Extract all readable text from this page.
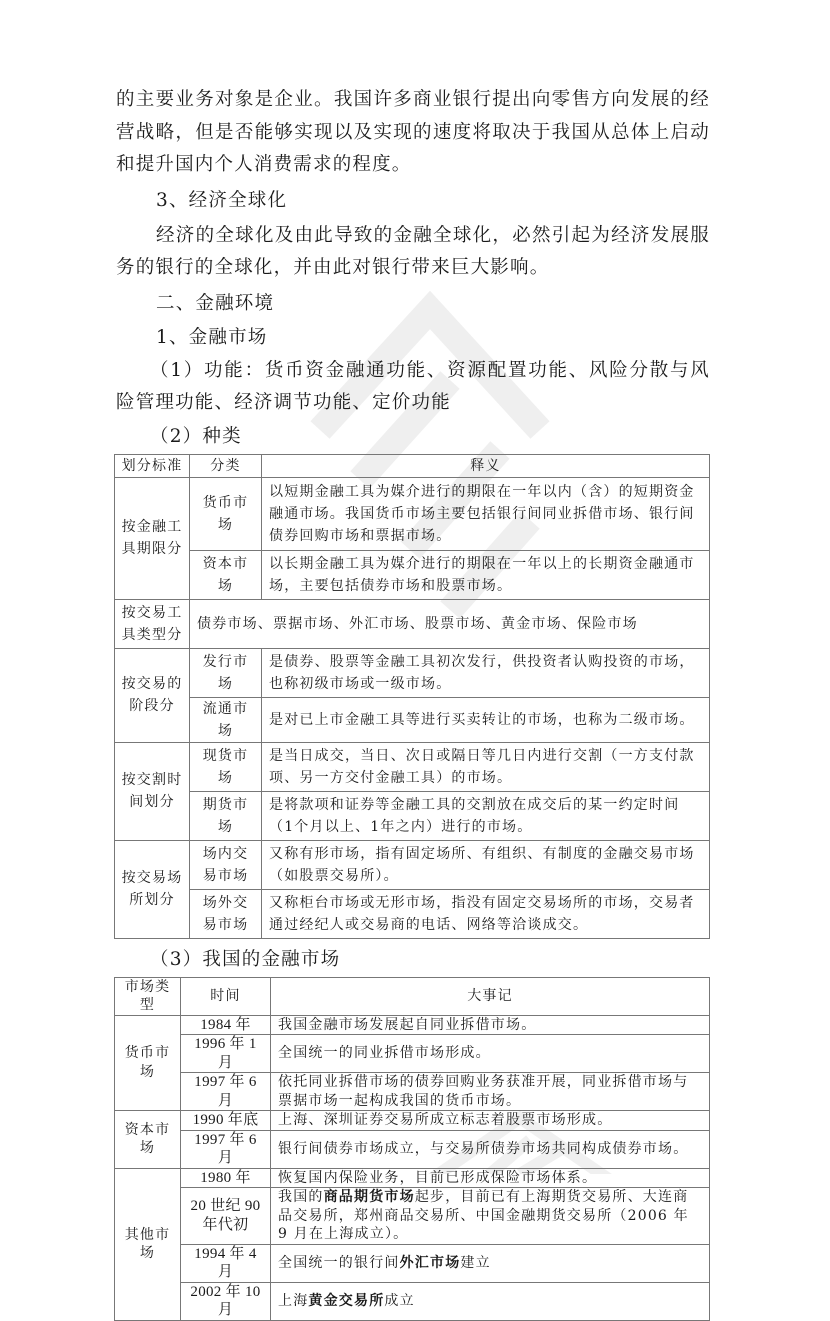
的主要业务对象是企业。我国许多商业银行提出向零售方向发展的经营战略，但是否能够实现以及实现的速度将取决于我国从总体上启动和提升国内个人消费需求的程度。

3、经济全球化

经济的全球化及由此导致的金融全球化，必然引起为经济发展服务的银行的全球化，并由此对银行带来巨大影响。

二、金融环境

1、金融市场

（1）功能：货币资金融通功能、资源配置功能、风险分散与风险管理功能、经济调节功能、定价功能

（2）种类

划分标准	分类	释义
按金融工具期限分	货币市场	以短期金融工具为媒介进行的期限在一年以内（含）的短期资金融通市场。我国货币市场主要包括银行间同业拆借市场、银行间债券回购市场和票据市场。
	资本市场	以长期金融工具为媒介进行的期限在一年以上的长期资金融通市场，主要包括债券市场和股票市场。
按交易工具类型分	债券市场、票据市场、外汇市场、股票市场、黄金市场、保险市场	
按交易的阶段分	发行市场	是债券、股票等金融工具初次发行，供投资者认购投资的市场，也称初级市场或一级市场。
	流通市场	是对已上市金融工具等进行买卖转让的市场，也称为二级市场。
按交割时间划分	现货市场	是当日成交，当日、次日或隔日等几日内进行交割（一方支付款项、另一方交付金融工具）的市场。
	期货市场	是将款项和证券等金融工具的交割放在成交后的某一约定时间（1个月以上、1年之内）进行的市场。
按交易场所划分	场内交易市场	又称有形市场，指有固定场所、有组织、有制度的金融交易市场（如股票交易所）。
	场外交易市场	又称柜台市场或无形市场，指没有固定交易场所的市场，交易者通过经纪人或交易商的电话、网络等洽谈成交。

（3）我国的金融市场

市场类型	时间	大事记
货币市场	1984 年	我国金融市场发展起自同业拆借市场。
	1996 年 1 月	全国统一的同业拆借市场形成。
	1997 年 6 月	依托同业拆借市场的债券回购业务获准开展，同业拆借市场与票据市场一起构成我国的货币市场。
资本市场	1990 年底	上海、深圳证券交易所成立标志着股票市场形成。
	1997 年 6 月	银行间债券市场成立，与交易所债券市场共同构成债券市场。
其他市场	1980 年	恢复国内保险业务，目前已形成保险市场体系。
	20 世纪 90 年代初	我国的商品期货市场起步，目前已有上海期货交易所、大连商品交易所，郑州商品交易所、中国金融期货交易所（2006 年 9 月在上海成立）。
	1994 年 4 月	全国统一的银行间外汇市场建立
	2002 年 10 月	上海黄金交易所成立
